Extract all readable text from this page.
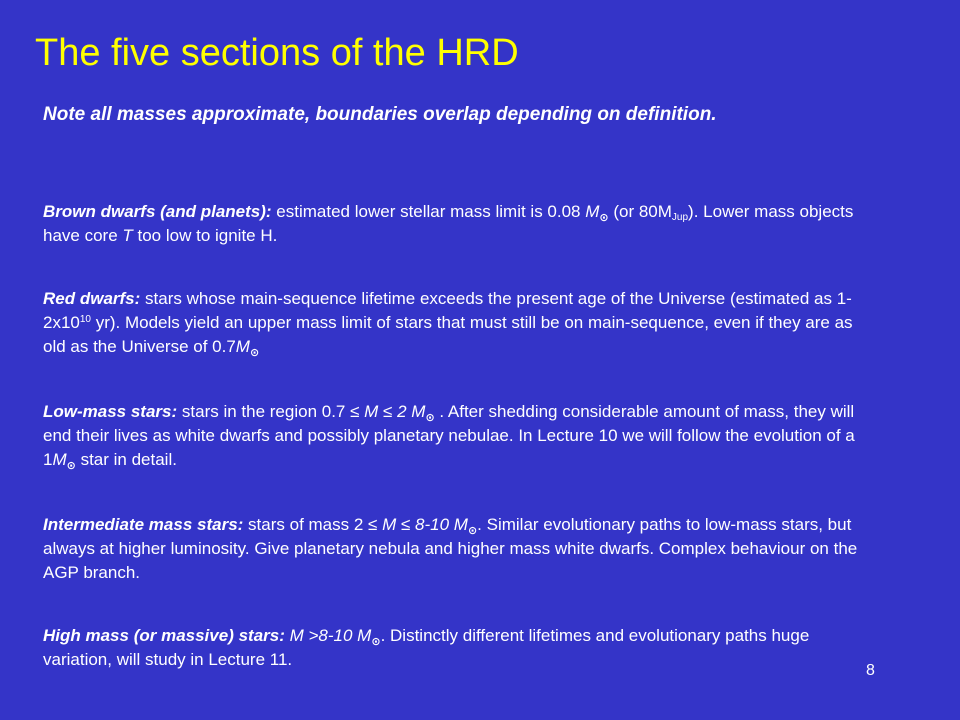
The five sections of the HRD
Note all masses approximate, boundaries overlap depending on definition.
Brown dwarfs (and planets): estimated lower stellar mass limit is 0.08 M⊙ (or $80M_{Jup}$). Lower mass objects have core T too low to ignite H.
Red dwarfs: stars whose main-sequence lifetime exceeds the present age of the Universe (estimated as $1-2x10^{10}$ yr). Models yield an upper mass limit of stars that must still be on main-sequence, even if they are as old as the Universe of 0.7M⊙
Low-mass stars: stars in the region 0.7 ≤ M ≤ 2 M⊙ . After shedding considerable amount of mass, they will end their lives as white dwarfs and possibly planetary nebulae. In Lecture 10 we will follow the evolution of a 1M⊙ star in detail.
Intermediate mass stars: stars of mass 2 ≤ M ≤ 8-10 M⊙. Similar evolutionary paths to low-mass stars, but always at higher luminosity. Give planetary nebula and higher mass white dwarfs. Complex behaviour on the AGP branch.
High mass (or massive) stars: M >8-10 M⊙. Distinctly different lifetimes and evolutionary paths huge variation, will study in Lecture 11.
8
